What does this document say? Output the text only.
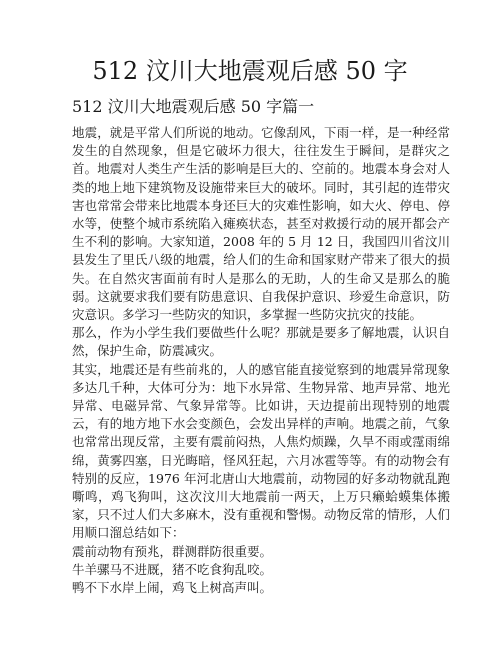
512 汶川大地震观后感 50 字
512 汶川大地震观后感 50 字篇一

地震，就是平常人们所说的地动。它像刮风，下雨一样，是一种经常发生的自然现象，但是它破坏力很大，往往发生于瞬间，是群灾之首。地震对人类生产生活的影响是巨大的、空前的。地震本身会对人类的地上地下建筑物及设施带来巨大的破坏。同时，其引起的连带灾害也常常会带来比地震本身还巨大的灾难性影响，如大火、停电、停水等，使整个城市系统陷入瘫痪状态，甚至对救援行动的展开都会产生不利的影响。大家知道，2008 年的 5 月 12 日，我国四川省汶川县发生了里氏八级的地震，给人们的生命和国家财产带来了很大的损失。在自然灾害面前有时人是那么的无助，人的生命又是那么的脆弱。这就要求我们要有防患意识、自我保护意识、珍爱生命意识，防灾意识。多学习一些防灾的知识，多掌握一些防灾抗灾的技能。

那么，作为小学生我们要做些什么呢？那就是要多了解地震，认识自然，保护生命，防震减灾。

其实，地震还是有些前兆的，人的感官能直接觉察到的地震异常现象多达几千种，大体可分为：地下水异常、生物异常、地声异常、地光异常、电磁异常、气象异常等。比如讲，天边提前出现特别的地震云，有的地方地下水会变颜色，会发出异样的声响。地震之前，气象也常常出现反常，主要有震前闷热，人焦灼烦躁，久旱不雨或霪雨绵绵，黄雾四塞，日光晦暗，怪风狂起，六月冰雹等等。有的动物会有特别的反应，1976 年河北唐山大地震前，动物园的好多动物就乱跑嘶鸣，鸡飞狗叫，这次汶川大地震前一两天，上万只癞蛤蟆集体搬家，只不过人们大多麻木，没有重视和警惕。动物反常的情形，人们用顺口溜总结如下：

震前动物有预兆，群测群防很重要。

牛羊骡马不进厩，猪不吃食狗乱咬。

鸭不下水岸上闹，鸡飞上树高声叫。
